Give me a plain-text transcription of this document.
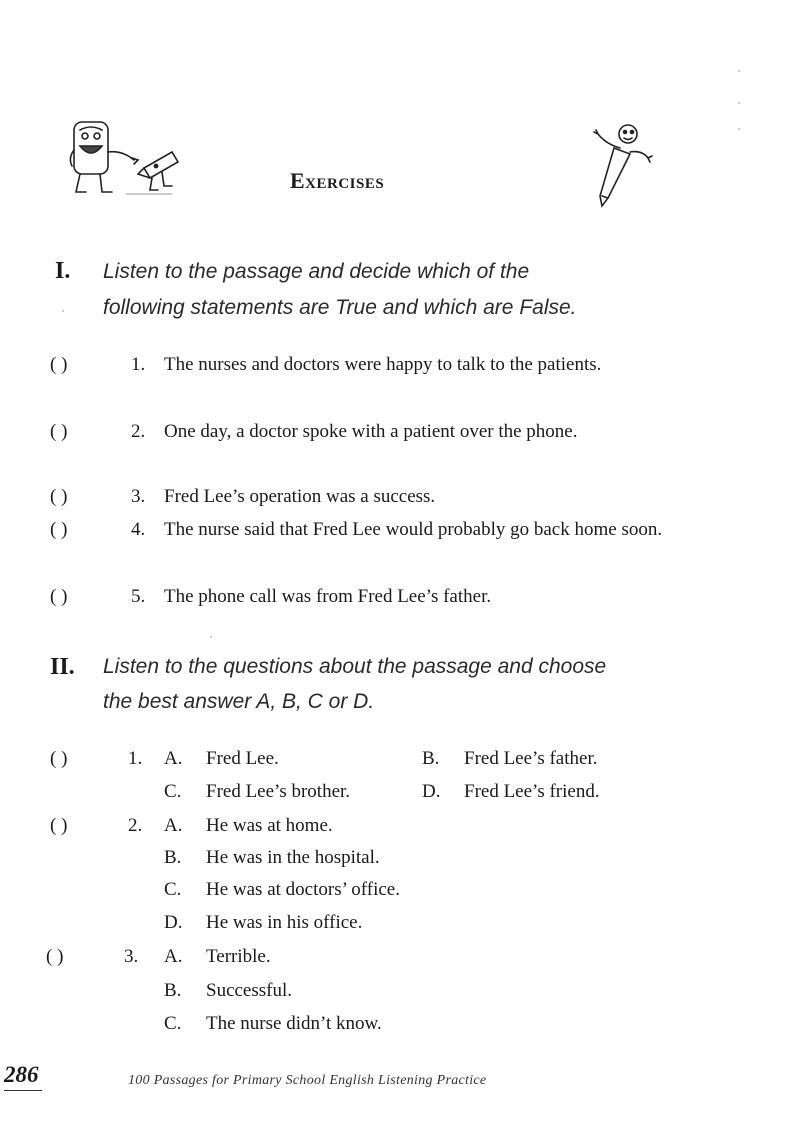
Exercises
I. Listen to the passage and decide which of the
following statements are True and which are False.
( )	1. The nurses and doctors were happy to talk to the patients.
( )	2. One day, a doctor spoke with a patient over the phone.
( )	3. Fred Lee’s operation was a success.
( )	4. The nurse said that Fred Lee would probably go back home soon.
( )	5. The phone call was from Fred Lee’s father.
II. Listen to the questions about the passage and choose
the best answer A, B, C or D.
( )	1. A. Fred Lee.	B. Fred Lee’s father.
C. Fred Lee’s brother.	D. Fred Lee’s friend.
( )	2. A. He was at home.
B. He was in the hospital.
C. He was at doctors’ office.
D. He was in his office.
( )	3. A. Terrible.
B. Successful.
C. The nurse didn’t know.
286	100 Passages for Primary School English Listening Practice
